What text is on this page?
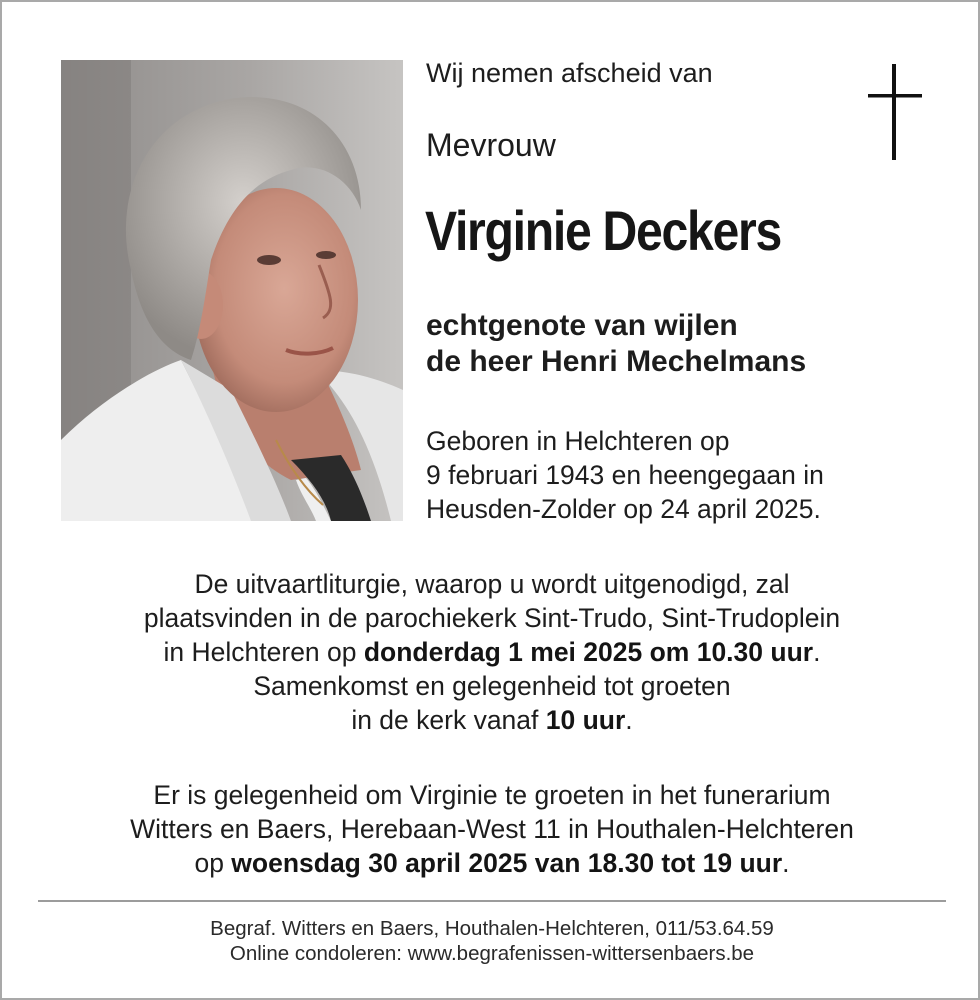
Wij nemen afscheid van
Mevrouw
Virginie Deckers
echtgenote van wijlen
de heer Henri Mechelmans
Geboren in Helchteren op
9 februari 1943 en heengegaan in
Heusden-Zolder op 24 april 2025.
De uitvaartliturgie, waarop u wordt uitgenodigd, zal
plaatsvinden in de parochiekerk Sint-Trudo, Sint-Trudoplein
in Helchteren op donderdag 1 mei 2025 om 10.30 uur.
Samenkomst en gelegenheid tot groeten
in de kerk vanaf 10 uur.
Er is gelegenheid om Virginie te groeten in het funerarium
Witters en Baers, Herebaan-West 11 in Houthalen-Helchteren
op woensdag 30 april 2025 van 18.30 tot 19 uur.
Begraf. Witters en Baers, Houthalen-Helchteren, 011/53.64.59
Online condoleren: www.begrafenissen-wittersenbaers.be
